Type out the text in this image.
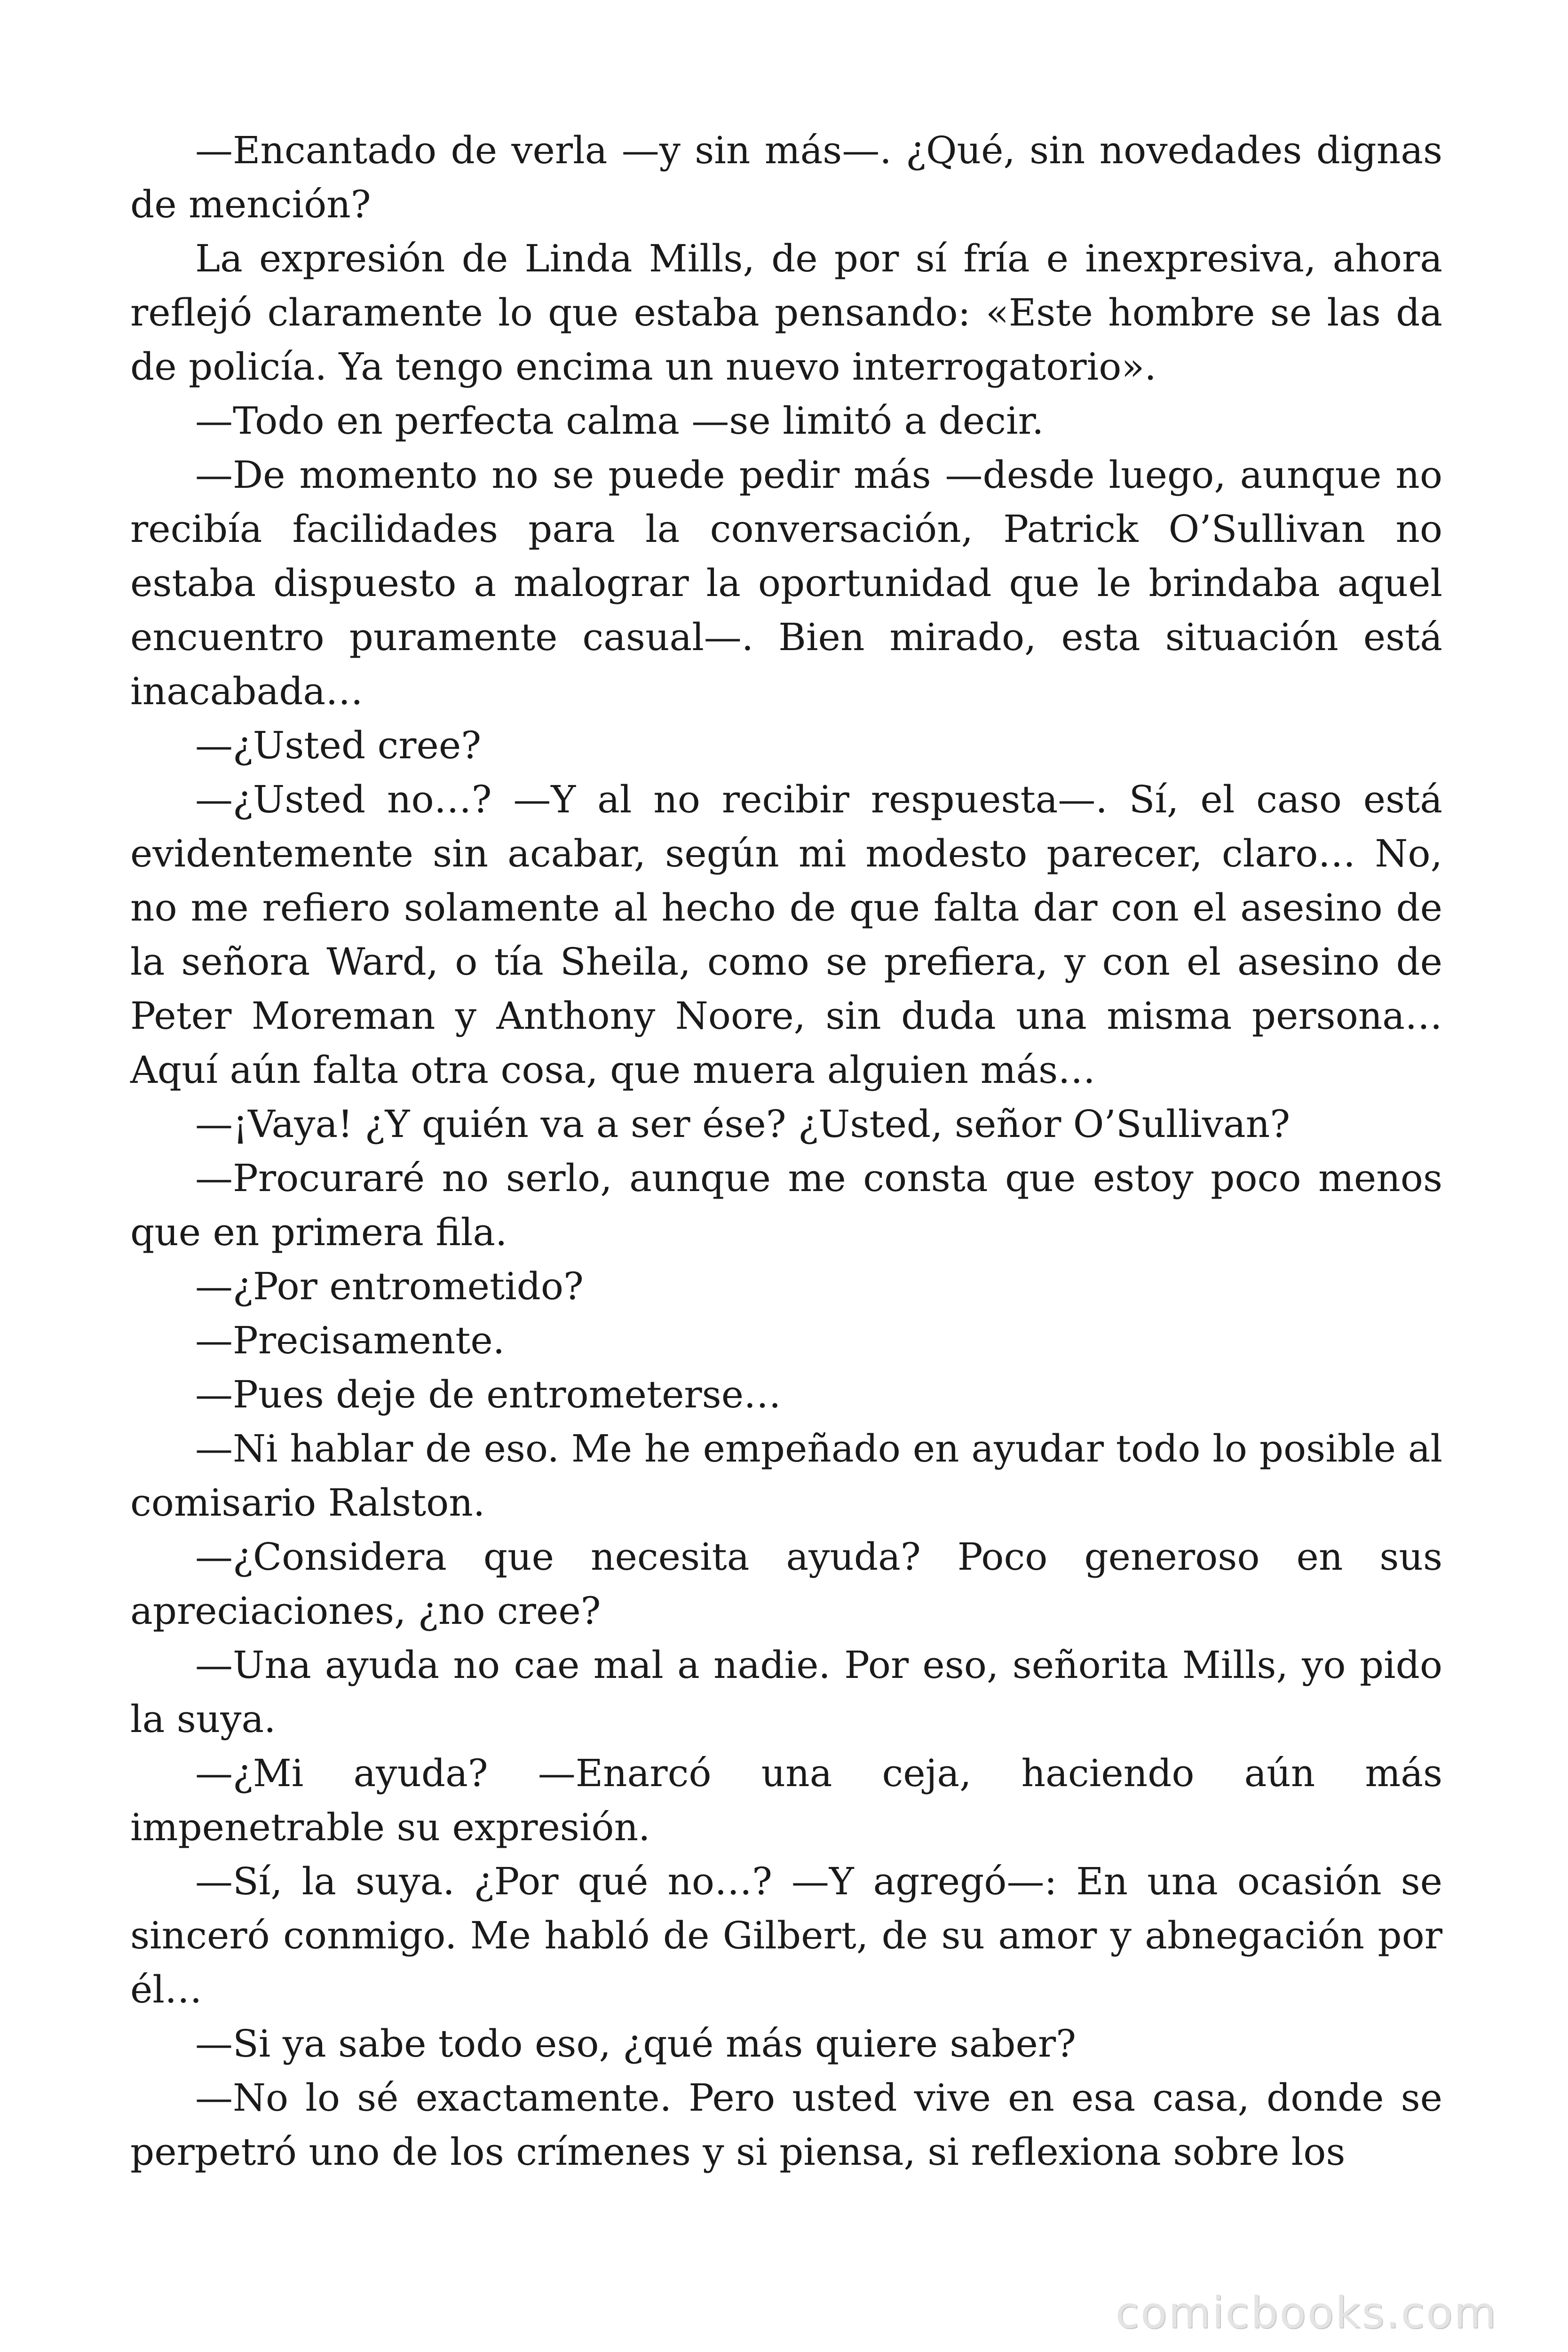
—Encantado de verla —y sin más—. ¿Qué, sin novedades dignas de mención?

La expresión de Linda Mills, de por sí fría e inexpresiva, ahora reflejó claramente lo que estaba pensando: «Este hombre se las da de policía. Ya tengo encima un nuevo interrogatorio».

—Todo en perfecta calma —se limitó a decir.

—De momento no se puede pedir más —desde luego, aunque no recibía facilidades para la conversación, Patrick O’Sullivan no estaba dispuesto a malograr la oportunidad que le brindaba aquel encuentro puramente casual—. Bien mirado, esta situación está inacabada…

—¿Usted cree?

—¿Usted no…? —Y al no recibir respuesta—. Sí, el caso está evidentemente sin acabar, según mi modesto parecer, claro… No, no me refiero solamente al hecho de que falta dar con el asesino de la señora Ward, o tía Sheila, como se prefiera, y con el asesino de Peter Moreman y Anthony Noore, sin duda una misma persona… Aquí aún falta otra cosa, que muera alguien más…

—¡Vaya! ¿Y quién va a ser ése? ¿Usted, señor O’Sullivan?

—Procuraré no serlo, aunque me consta que estoy poco menos que en primera fila.

—¿Por entrometido?

—Precisamente.

—Pues deje de entrometerse…

—Ni hablar de eso. Me he empeñado en ayudar todo lo posible al comisario Ralston.

—¿Considera que necesita ayuda? Poco generoso en sus apreciaciones, ¿no cree?

—Una ayuda no cae mal a nadie. Por eso, señorita Mills, yo pido la suya.

—¿Mi ayuda? —Enarcó una ceja, haciendo aún más impenetrable su expresión.

—Sí, la suya. ¿Por qué no…? —Y agregó—: En una ocasión se sinceró conmigo. Me habló de Gilbert, de su amor y abnegación por él…

—Si ya sabe todo eso, ¿qué más quiere saber?

—No lo sé exactamente. Pero usted vive en esa casa, donde se perpetró uno de los crímenes y si piensa, si reflexiona sobre los

comicbooks.com
